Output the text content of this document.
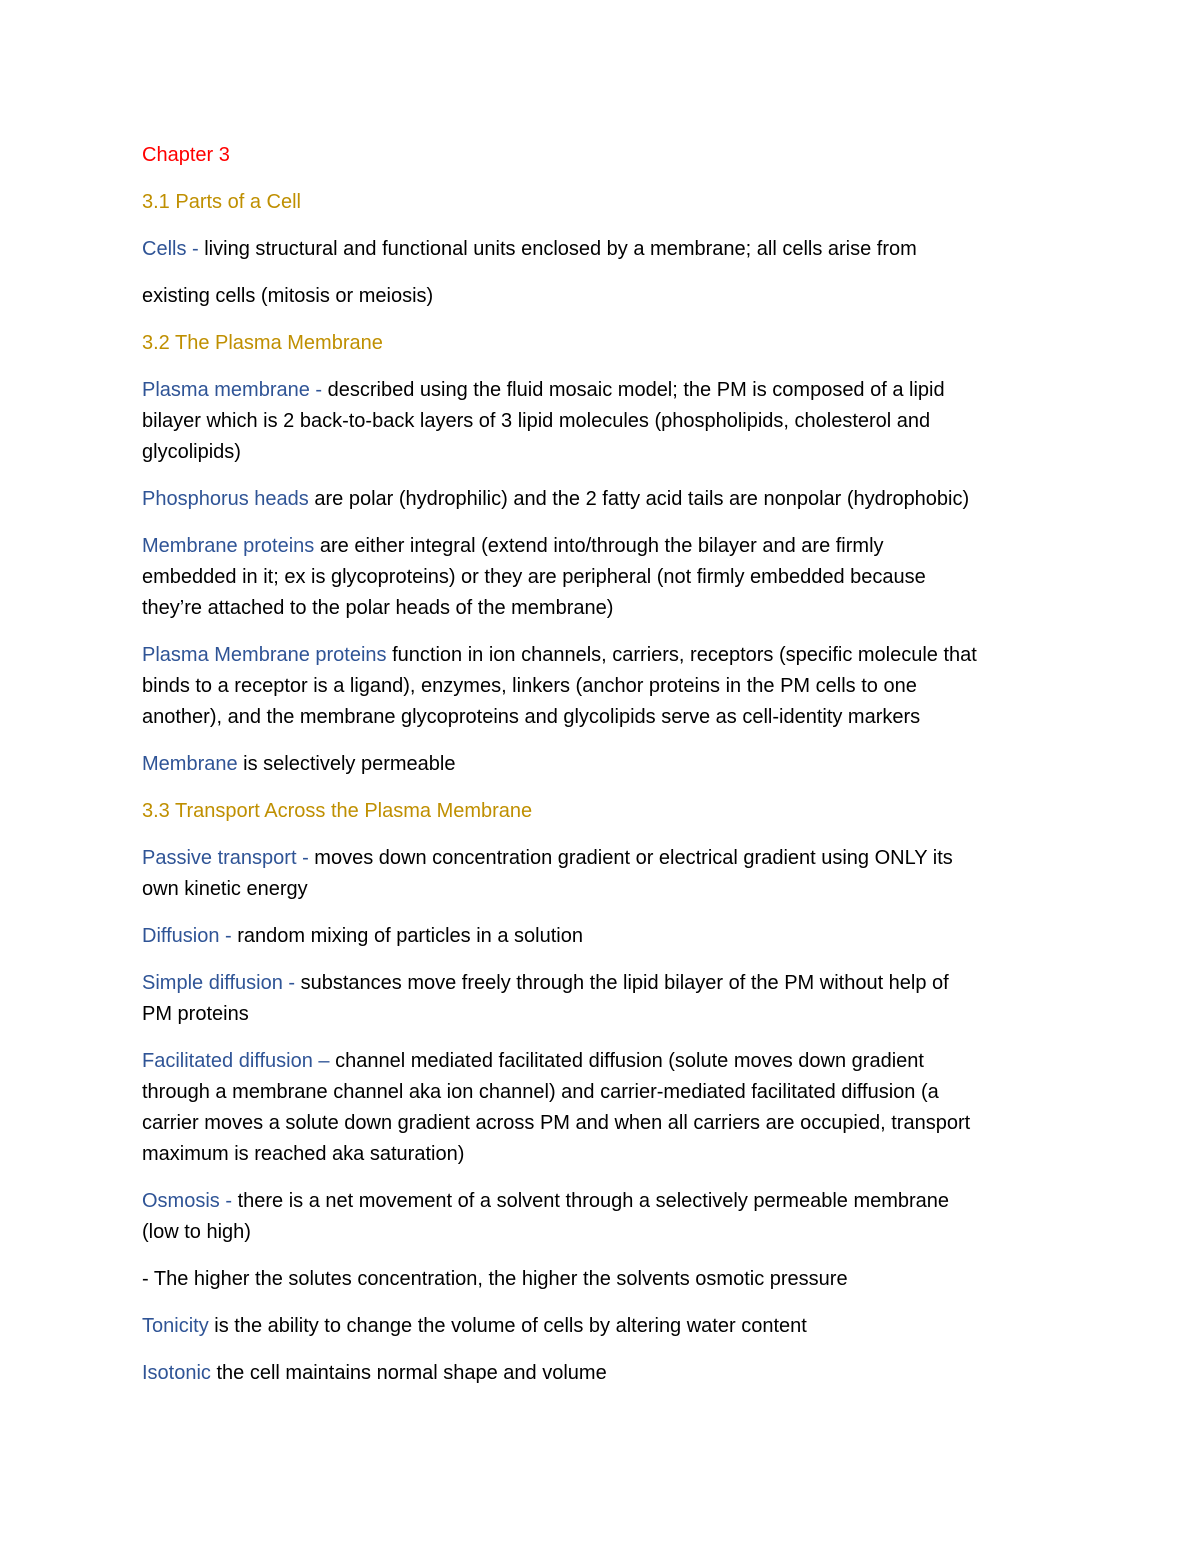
Chapter 3
3.1 Parts of a Cell
Cells - living structural and functional units enclosed by a membrane; all cells arise from
existing cells (mitosis or meiosis)
3.2 The Plasma Membrane
Plasma membrane - described using the fluid mosaic model; the PM is composed of a lipid
bilayer which is 2 back-to-back layers of 3 lipid molecules (phospholipids, cholesterol and
glycolipids)
Phosphorus heads are polar (hydrophilic) and the 2 fatty acid tails are nonpolar (hydrophobic)
Membrane proteins are either integral (extend into/through the bilayer and are firmly
embedded in it; ex is glycoproteins) or they are peripheral (not firmly embedded because
they’re attached to the polar heads of the membrane)
Plasma Membrane proteins function in ion channels, carriers, receptors (specific molecule that
binds to a receptor is a ligand), enzymes, linkers (anchor proteins in the PM cells to one
another), and the membrane glycoproteins and glycolipids serve as cell-identity markers
Membrane is selectively permeable
3.3 Transport Across the Plasma Membrane
Passive transport - moves down concentration gradient or electrical gradient using ONLY its
own kinetic energy
Diffusion - random mixing of particles in a solution
Simple diffusion - substances move freely through the lipid bilayer of the PM without help of
PM proteins
Facilitated diffusion – channel mediated facilitated diffusion (solute moves down gradient
through a membrane channel aka ion channel) and carrier-mediated facilitated diffusion (a
carrier moves a solute down gradient across PM and when all carriers are occupied, transport
maximum is reached aka saturation)
Osmosis - there is a net movement of a solvent through a selectively permeable membrane
(low to high)
- The higher the solutes concentration, the higher the solvents osmotic pressure
Tonicity is the ability to change the volume of cells by altering water content
Isotonic the cell maintains normal shape and volume
